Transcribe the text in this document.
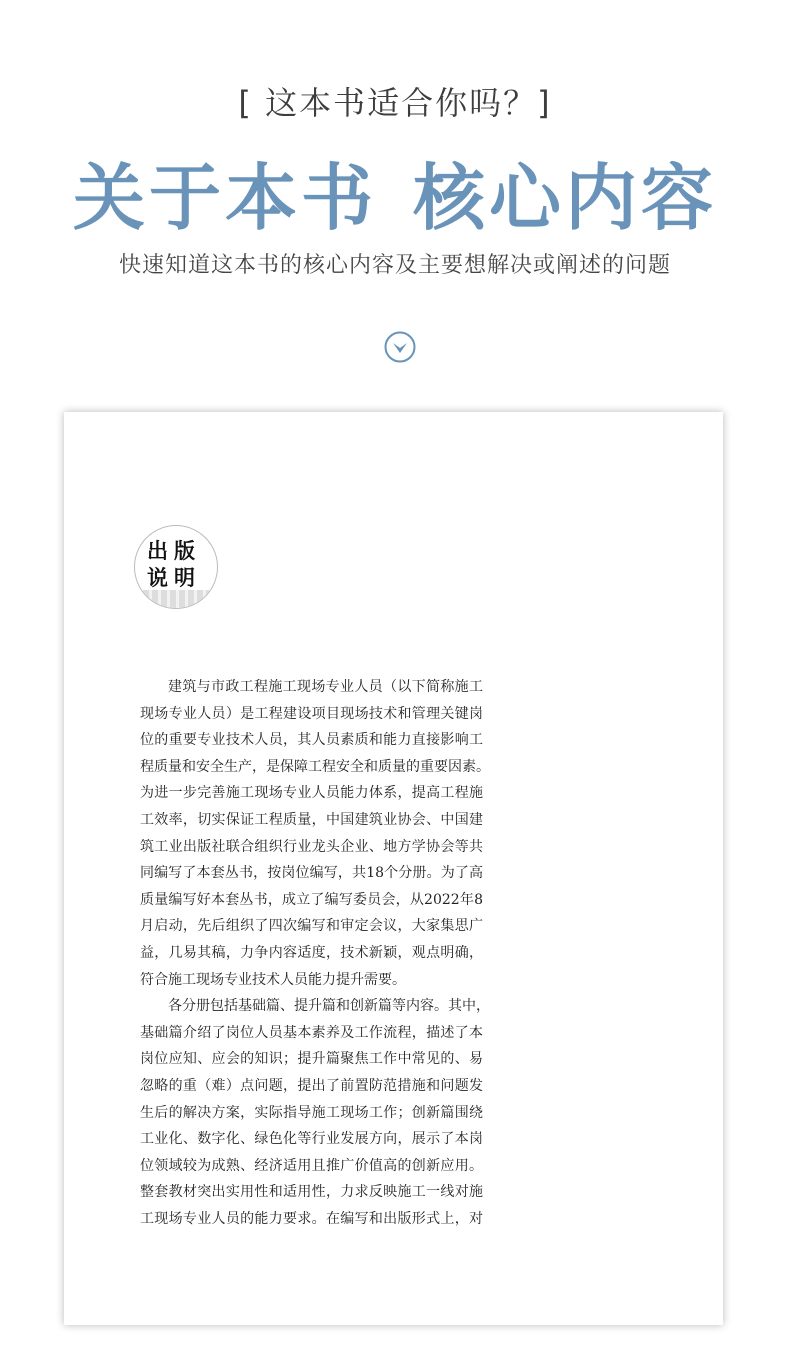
[ 这本书适合你吗？]
关于本书 核心内容
快速知道这本书的核心内容及主要想解决或阐述的问题
出版
说明
建筑与市政工程施工现场专业人员（以下简称施工
现场专业人员）是工程建设项目现场技术和管理关键岗
位的重要专业技术人员，其人员素质和能力直接影响工
程质量和安全生产，是保障工程安全和质量的重要因素。
为进一步完善施工现场专业人员能力体系，提高工程施
工效率，切实保证工程质量，中国建筑业协会、中国建
筑工业出版社联合组织行业龙头企业、地方学协会等共
同编写了本套丛书，按岗位编写，共18个分册。为了高
质量编写好本套丛书，成立了编写委员会，从2022年8
月启动，先后组织了四次编写和审定会议，大家集思广
益，几易其稿，力争内容适度，技术新颖，观点明确，
符合施工现场专业技术人员能力提升需要。
各分册包括基础篇、提升篇和创新篇等内容。其中，
基础篇介绍了岗位人员基本素养及工作流程，描述了本
岗位应知、应会的知识；提升篇聚焦工作中常见的、易
忽略的重（难）点问题，提出了前置防范措施和问题发
生后的解决方案，实际指导施工现场工作；创新篇围绕
工业化、数字化、绿色化等行业发展方向，展示了本岗
位领域较为成熟、经济适用且推广价值高的创新应用。
整套教材突出实用性和适用性，力求反映施工一线对施
工现场专业人员的能力要求。在编写和出版形式上，对
